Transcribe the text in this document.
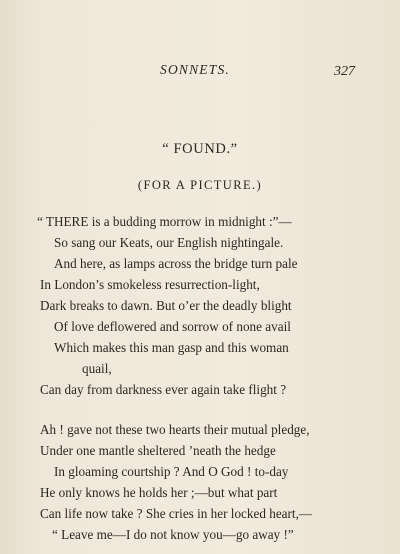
SONNETS.	327
“ FOUND.”
(FOR A PICTURE.)
“ THERE is a budding morrow in midnight :”—
So sang our Keats, our English nightingale.
And here, as lamps across the bridge turn pale
In London’s smokeless resurrection-light,
Dark breaks to dawn. But o’er the deadly blight
Of love deflowered and sorrow of none avail
Which makes this man gasp and this woman
quail,
Can day from darkness ever again take flight ?
Ah ! gave not these two hearts their mutual pledge,
Under one mantle sheltered ’neath the hedge
In gloaming courtship ? And O God ! to-day
He only knows he holds her ;—but what part
Can life now take ? She cries in her locked heart,—
“ Leave me—I do not know you—go away !”
